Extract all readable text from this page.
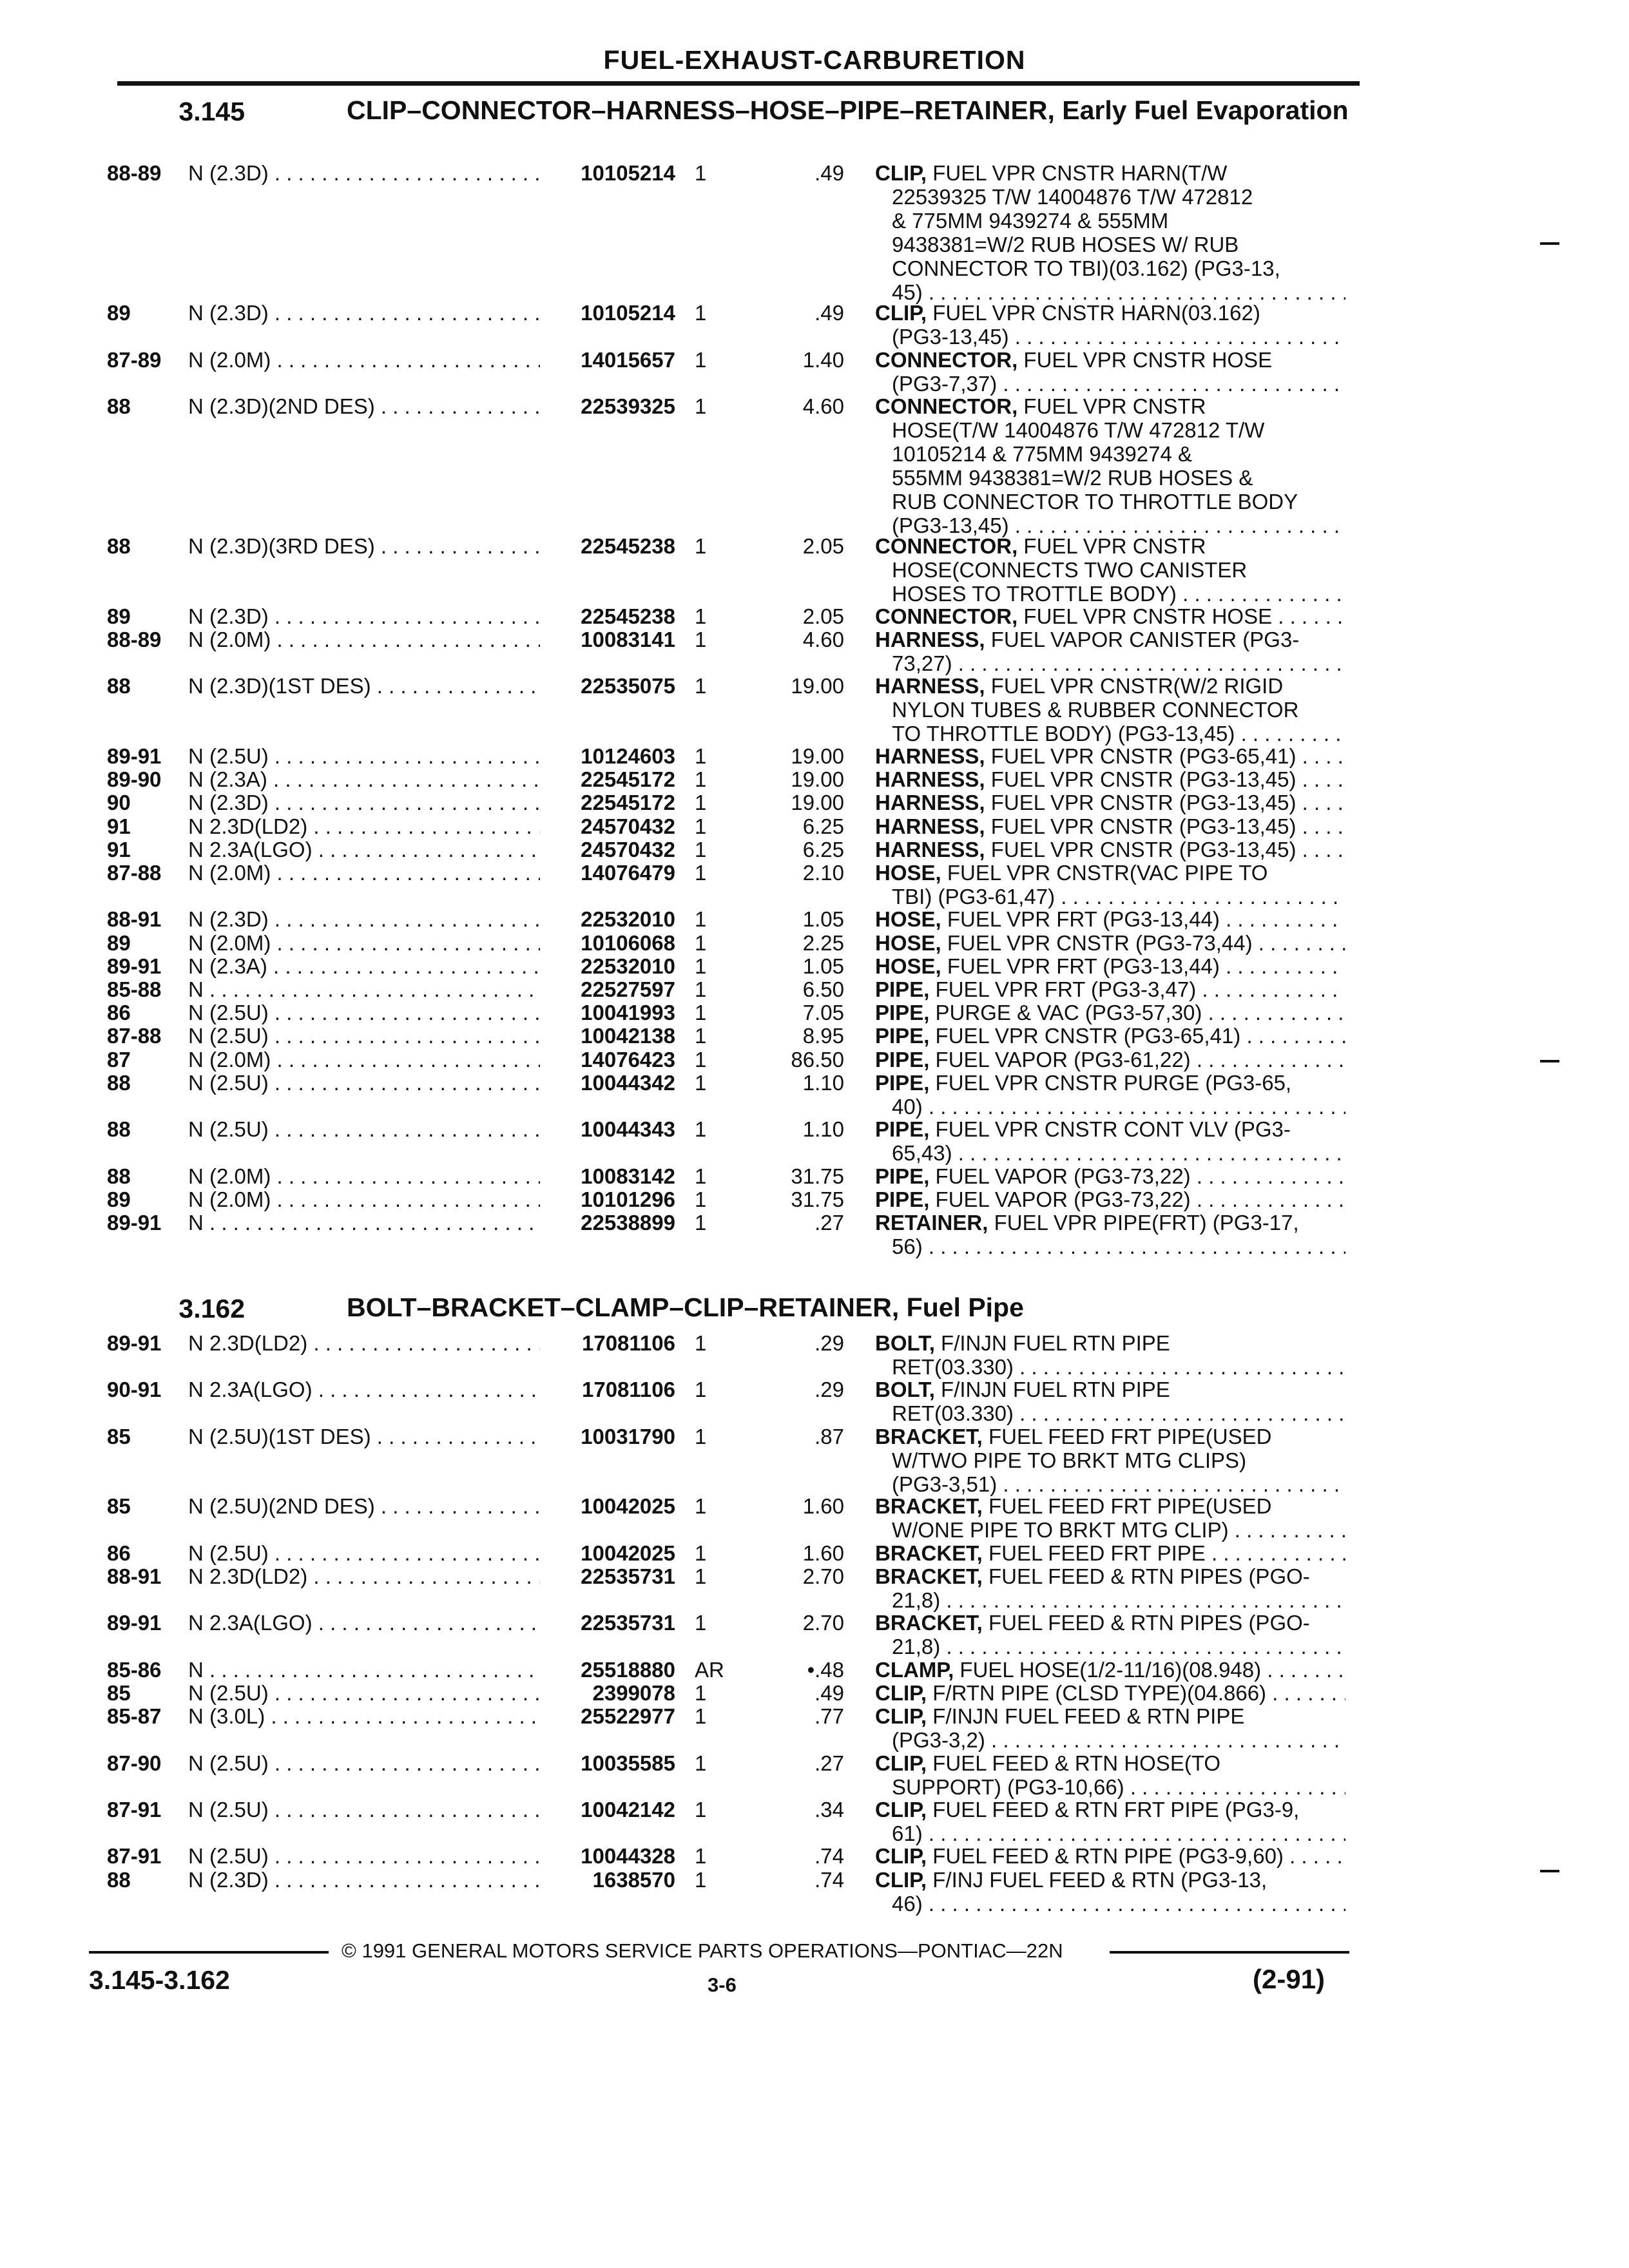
FUEL-EXHAUST-CARBURETION
3.145	CLIP–CONNECTOR–HARNESS–HOSE–PIPE–RETAINER, Early Fuel Evaporation
3.162	BOLT–BRACKET–CLAMP–CLIP–RETAINER, Fuel Pipe
© 1991 GENERAL MOTORS SERVICE PARTS OPERATIONS—PONTIAC—22N
3.145-3.162	3-6	(2-91)
88-89 N (2.3D) . . .	10105214 1	.49 CLIP, FUEL VPR CNSTR HARN(T/W
22539325 T/W 14004876 T/W 472812
& 775MM 9439274 & 555MM
9438381=W/2 RUB HOSES W/ RUB
CONNECTOR TO TBI)(03.162) (PG3-13,
45) . . .
89	N (2.3D) . . .	10105214 1	.49 CLIP, FUEL VPR CNSTR HARN(03.162)
(PG3-13,45) . . .
87-89 N (2.0M) . . .	14015657 1	1.40 CONNECTOR, FUEL VPR CNSTR HOSE
(PG3-7,37) . . .
88	N (2.3D)(2ND DES) . . .	22539325 1	4.60 CONNECTOR, FUEL VPR CNSTR
HOSE(T/W 14004876 T/W 472812 T/W
10105214 & 775MM 9439274 &
555MM 9438381=W/2 RUB HOSES &
RUB CONNECTOR TO THROTTLE BODY
(PG3-13,45) . . .
88	N (2.3D)(3RD DES) . . .	22545238 1	2.05 CONNECTOR, FUEL VPR CNSTR
HOSE(CONNECTS TWO CANISTER
HOSES TO TROTTLE BODY) . . .
89	N (2.3D) . . .	22545238 1	2.05 CONNECTOR, FUEL VPR CNSTR HOSE . . .
88-89 N (2.0M) . . .	10083141 1	4.60 HARNESS, FUEL VAPOR CANISTER (PG3-
73,27) . . .
88	N (2.3D)(1ST DES) . . .	22535075 1	19.00 HARNESS, FUEL VPR CNSTR(W/2 RIGID
NYLON TUBES & RUBBER CONNECTOR
TO THROTTLE BODY) (PG3-13,45) . . .
89-91 N (2.5U) . . .	10124603 1	19.00 HARNESS, FUEL VPR CNSTR (PG3-65,41) . . .
89-90 N (2.3A) . . .	22545172 1	19.00 HARNESS, FUEL VPR CNSTR (PG3-13,45) . . .
90	N (2.3D) . . .	22545172 1	19.00 HARNESS, FUEL VPR CNSTR (PG3-13,45) . . .
91	N 2.3D(LD2) . . .	24570432 1	6.25 HARNESS, FUEL VPR CNSTR (PG3-13,45) . . .
91	N 2.3A(LGO) . . .	24570432 1	6.25 HARNESS, FUEL VPR CNSTR (PG3-13,45) . . .
87-88 N (2.0M) . . .	14076479 1	2.10 HOSE, FUEL VPR CNSTR(VAC PIPE TO
TBI) (PG3-61,47) . . .
88-91 N (2.3D) . . .	22532010 1	1.05 HOSE, FUEL VPR FRT (PG3-13,44) . . .
89	N (2.0M) . . .	10106068 1	2.25 HOSE, FUEL VPR CNSTR (PG3-73,44) . . .
89-91 N (2.3A) . . .	22532010 1	1.05 HOSE, FUEL VPR FRT (PG3-13,44) . . .
85-88 N . . .	22527597 1	6.50 PIPE, FUEL VPR FRT (PG3-3,47) . . .
86	N (2.5U) . . .	10041993 1	7.05 PIPE, PURGE & VAC (PG3-57,30) . . .
87-88 N (2.5U) . . .	10042138 1	8.95 PIPE, FUEL VPR CNSTR (PG3-65,41) . . .
87	N (2.0M) . . .	14076423 1	86.50 PIPE, FUEL VAPOR (PG3-61,22) . . .
88	N (2.5U) . . .	10044342 1	1.10 PIPE, FUEL VPR CNSTR PURGE (PG3-65,
40) . . .
88	N (2.5U) . . .	10044343 1	1.10 PIPE, FUEL VPR CNSTR CONT VLV (PG3-
65,43) . . .
88	N (2.0M) . . .	10083142 1	31.75 PIPE, FUEL VAPOR (PG3-73,22) . . .
89	N (2.0M) . . .	10101296 1	31.75 PIPE, FUEL VAPOR (PG3-73,22) . . .
89-91 N . . .	22538899 1	.27 RETAINER, FUEL VPR PIPE(FRT) (PG3-17,
56) . . .
89-91 N 2.3D(LD2) . . .	17081106 1	.29 BOLT, F/INJN FUEL RTN PIPE
RET(03.330) . . .
90-91 N 2.3A(LGO) . . .	17081106 1	.29 BOLT, F/INJN FUEL RTN PIPE
RET(03.330) . . .
85	N (2.5U)(1ST DES) . . .	10031790 1	.87 BRACKET, FUEL FEED FRT PIPE(USED
W/TWO PIPE TO BRKT MTG CLIPS)
(PG3-3,51) . . .
85	N (2.5U)(2ND DES) . . .	10042025 1	1.60 BRACKET, FUEL FEED FRT PIPE(USED
W/ONE PIPE TO BRKT MTG CLIP) . . .
86	N (2.5U) . . .	10042025 1	1.60 BRACKET, FUEL FEED FRT PIPE . . .
88-91 N 2.3D(LD2) . . .	22535731 1	2.70 BRACKET, FUEL FEED & RTN PIPES (PGO-
21,8) . . .
89-91 N 2.3A(LGO) . . .	22535731 1	2.70 BRACKET, FUEL FEED & RTN PIPES (PGO-
21,8) . . .
85-86 N . . .	25518880 AR	•.48 CLAMP, FUEL HOSE(1/2-11/16)(08.948) . . .
85	N (2.5U) . . .	2399078 1	.49 CLIP, F/RTN PIPE (CLSD TYPE)(04.866) . . .
85-87 N (3.0L) . . .	25522977 1	.77 CLIP, F/INJN FUEL FEED & RTN PIPE
(PG3-3,2) . . .
87-90 N (2.5U) . . .	10035585 1	.27 CLIP, FUEL FEED & RTN HOSE(TO
SUPPORT) (PG3-10,66) . . .
87-91 N (2.5U) . . .	10042142 1	.34 CLIP, FUEL FEED & RTN FRT PIPE (PG3-9,
61) . . .
87-91 N (2.5U) . . .	10044328 1	.74 CLIP, FUEL FEED & RTN PIPE (PG3-9,60) . . .
88	N (2.3D) . . .	1638570 1	.74 CLIP, F/INJ FUEL FEED & RTN (PG3-13,
46) . . .
